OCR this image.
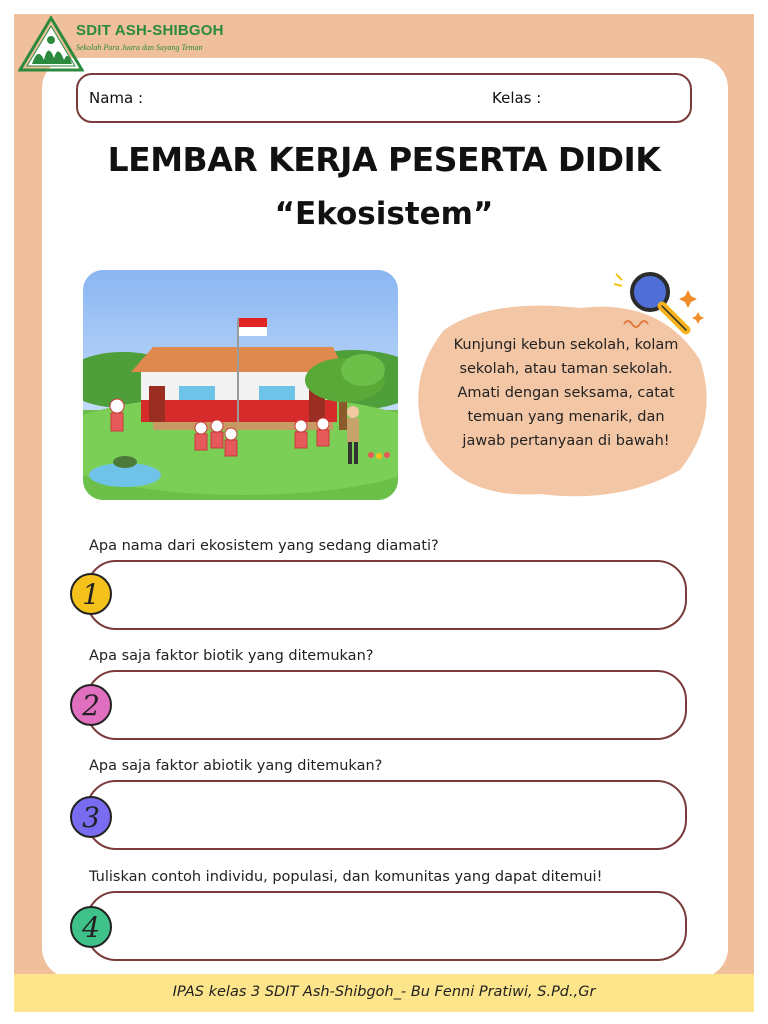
SDIT ASH-SHIBGOH
Sekolah Para Juara dan Sayang Teman
Nama :	Kelas :
LEMBAR KERJA PESERTA DIDIK
“Ekosistem”
Kunjungi kebun sekolah, kolam sekolah, atau taman sekolah. Amati dengan seksama, catat temuan yang menarik, dan jawab pertanyaan di bawah!
Apa nama dari ekosistem yang sedang diamati?
1
Apa saja faktor biotik yang ditemukan?
2
Apa saja faktor abiotik yang ditemukan?
3
Tuliskan contoh individu, populasi, dan komunitas yang dapat ditemui!
4
IPAS kelas 3 SDIT Ash-Shibgoh_- Bu Fenni Pratiwi, S.Pd.,Gr
